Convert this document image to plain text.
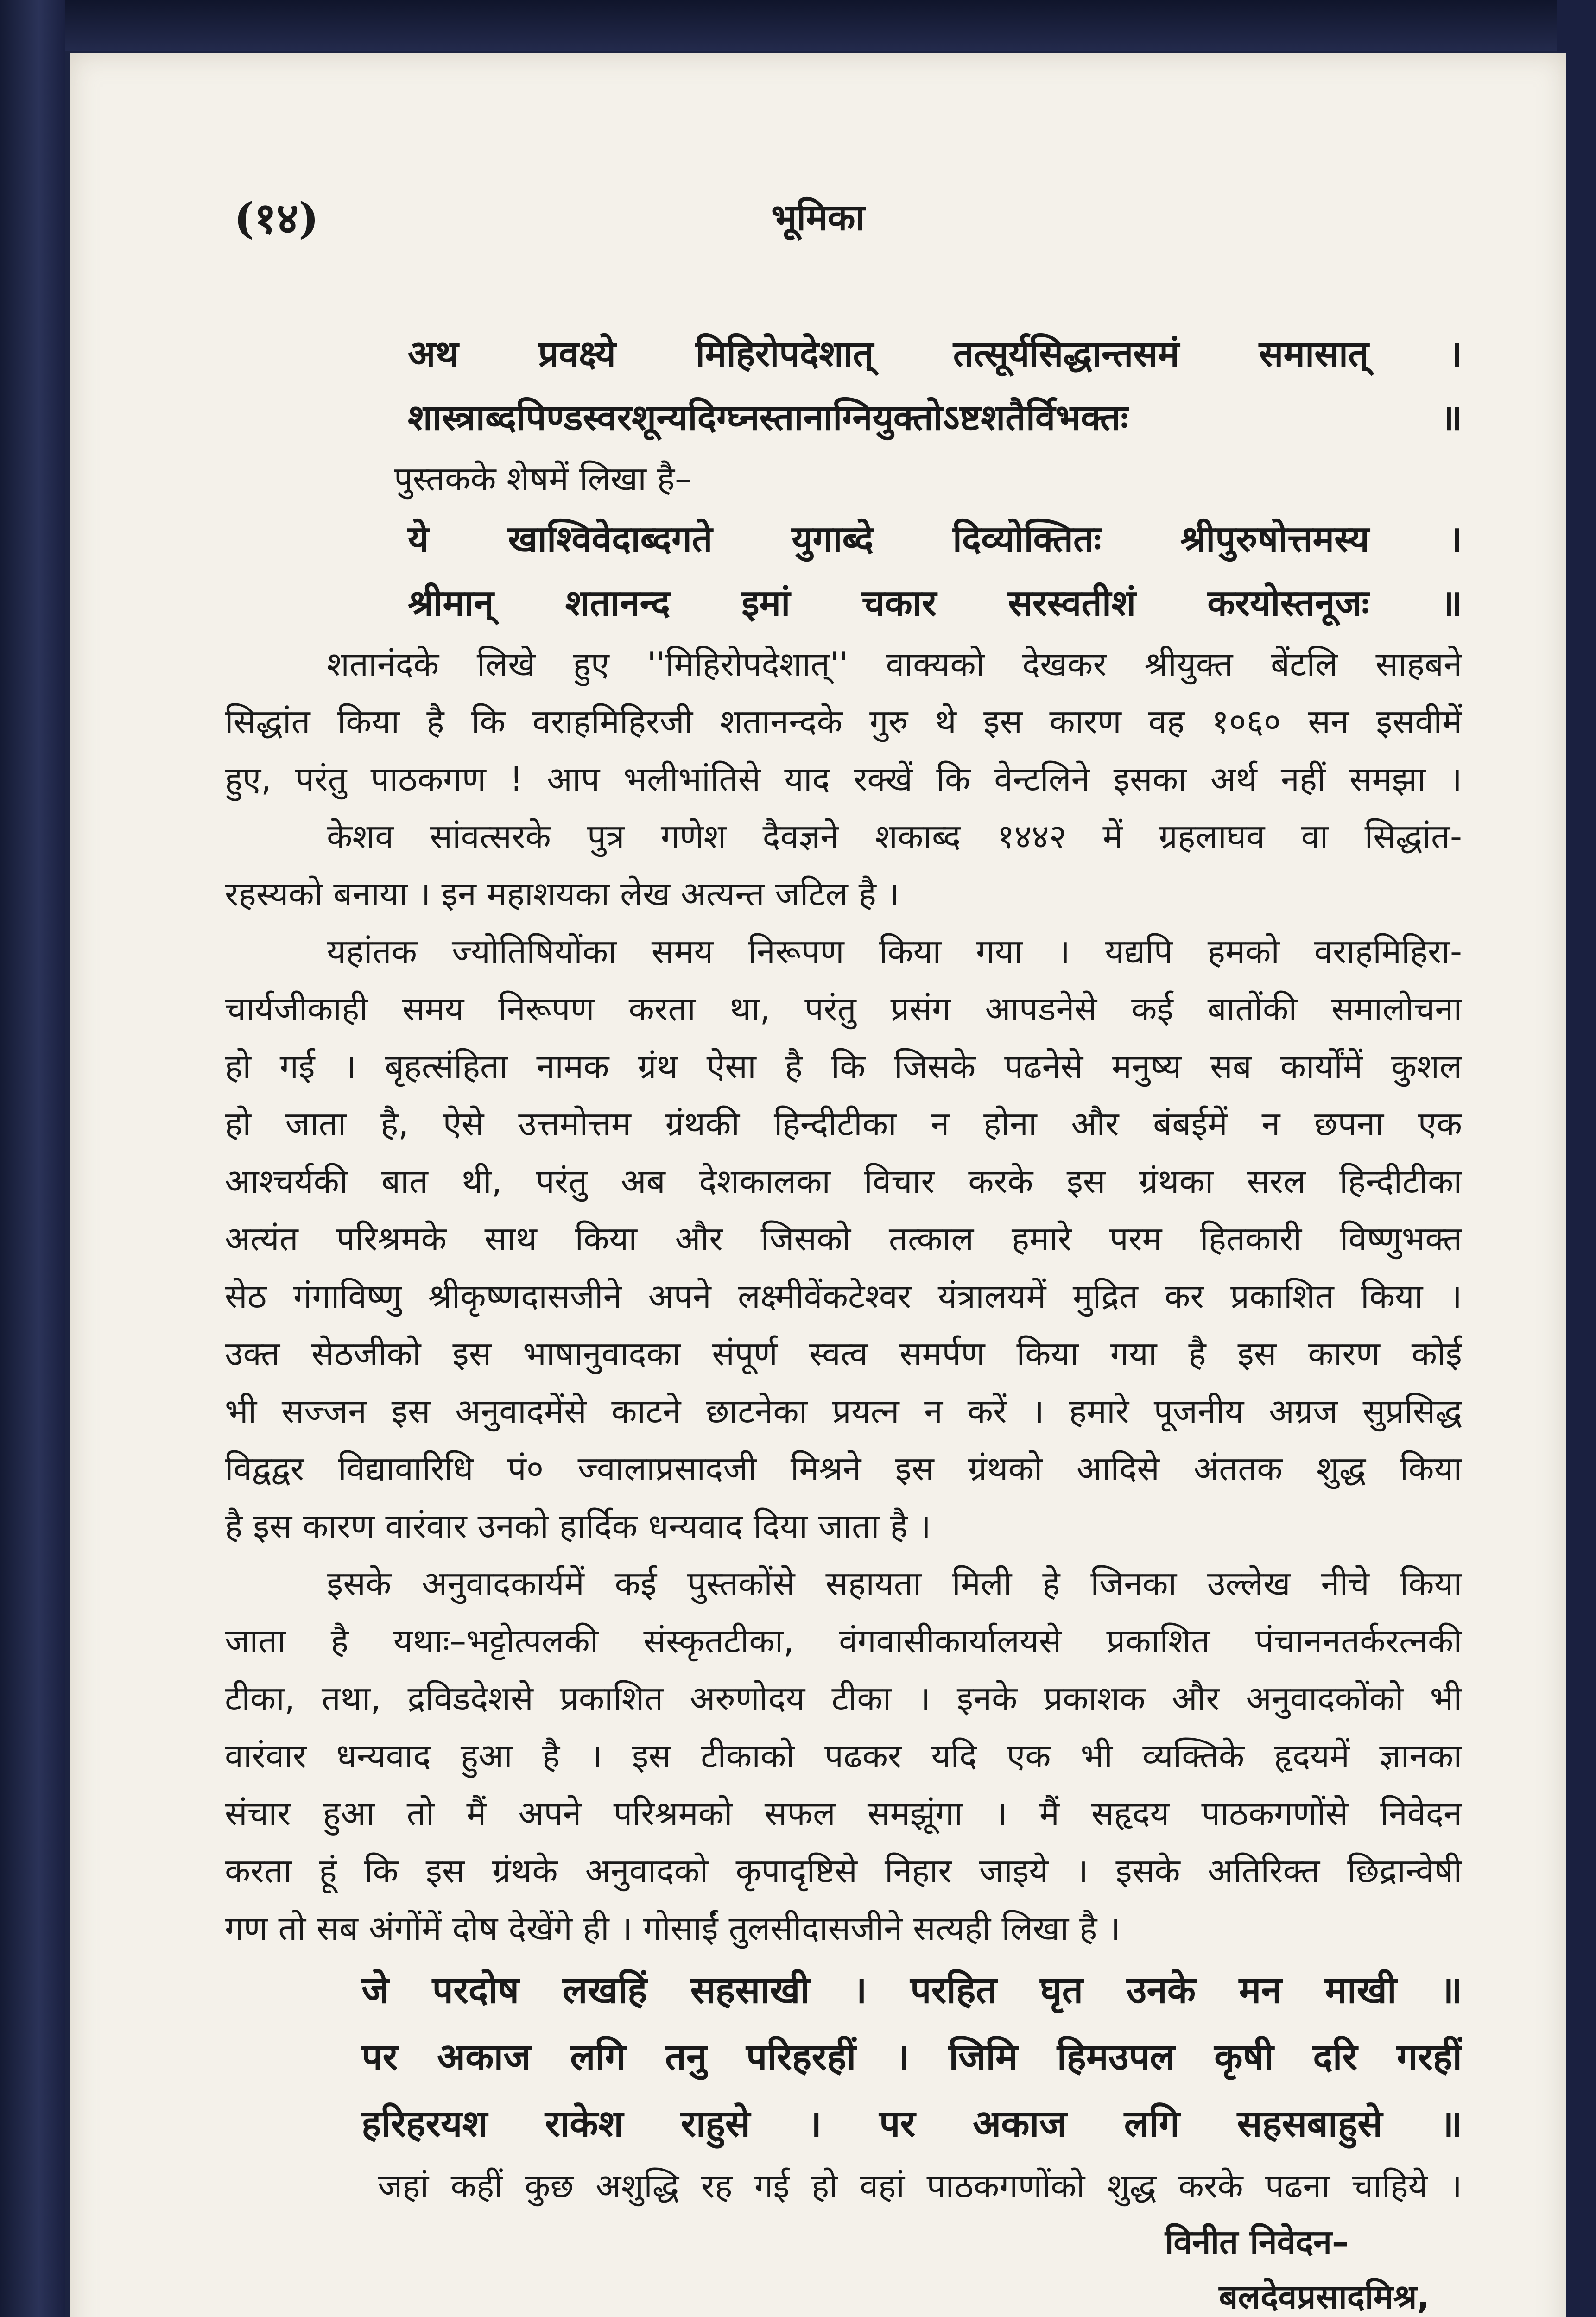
(१४)	भूमिका
अथ प्रवक्ष्ये मिहिरोपदेशात् तत्सूर्यसिद्धान्तसमं समासात् ।
शास्त्राब्दपिण्डस्वरशून्यदिग्घ्नस्तानाग्नियुक्तोऽष्टशतैर्विभक्तः ॥
पुस्तकके शेषमें लिखा है–
ये खाश्विवेदाब्दगते युगाब्दे दिव्योक्तितः श्रीपुरुषोत्तमस्य ।
श्रीमान् शतानन्द इमां चकार सरस्वतीशं करयोस्तनूजः ॥
शतानंदके लिखे हुए ''मिहिरोपदेशात्'' वाक्यको देखकर श्रीयुक्त बेंटलि साहबने
सिद्धांत किया है कि वराहमिहिरजी शतानन्दके गुरु थे इस कारण वह १०६० सन इसवीमें
हुए, परंतु पाठकगण ! आप भलीभांतिसे याद रक्खें कि वेन्टलिने इसका अर्थ नहीं समझा ।
केशव सांवत्सरके पुत्र गणेश दैवज्ञने शकाब्द १४४२ में ग्रहलाघव वा सिद्धांत-
रहस्यको बनाया । इन महाशयका लेख अत्यन्त जटिल है ।
यहांतक ज्योतिषियोंका समय निरूपण किया गया । यद्यपि हमको वराहमिहिरा-
चार्यजीकाही समय निरूपण करता था, परंतु प्रसंग आपडनेसे कई बातोंकी समालोचना
हो गई । बृहत्संहिता नामक ग्रंथ ऐसा है कि जिसके पढनेसे मनुष्य सब कार्योंमें कुशल
हो जाता है, ऐसे उत्तमोत्तम ग्रंथकी हिन्दीटीका न होना और बंबईमें न छपना एक
आश्चर्यकी बात थी, परंतु अब देशकालका विचार करके इस ग्रंथका सरल हिन्दीटीका
अत्यंत परिश्रमके साथ किया और जिसको तत्काल हमारे परम हितकारी विष्णुभक्त
सेठ गंगाविष्णु श्रीकृष्णदासजीने अपने लक्ष्मीवेंकटेश्वर यंत्रालयमें मुद्रित कर प्रकाशित किया ।
उक्त सेठजीको इस भाषानुवादका संपूर्ण स्वत्व समर्पण किया गया है इस कारण कोई
भी सज्जन इस अनुवादमेंसे काटने छाटनेका प्रयत्न न करें । हमारे पूजनीय अग्रज सुप्रसिद्ध
विद्वद्वर विद्यावारिधि पं० ज्वालाप्रसादजी मिश्रने इस ग्रंथको आदिसे अंततक शुद्ध किया
है इस कारण वारंवार उनको हार्दिक धन्यवाद दिया जाता है ।
इसके अनुवादकार्यमें कई पुस्तकोंसे सहायता मिली हे जिनका उल्लेख नीचे किया
जाता है यथाः–भट्टोत्पलकी संस्कृतटीका, वंगवासीकार्यालयसे प्रकाशित पंचाननतर्करत्नकी
टीका, तथा, द्रविडदेशसे प्रकाशित अरुणोदय टीका । इनके प्रकाशक और अनुवादकोंको भी
वारंवार धन्यवाद हुआ है । इस टीकाको पढकर यदि एक भी व्यक्तिके हृदयमें ज्ञानका
संचार हुआ तो मैं अपने परिश्रमको सफल समझूंगा । मैं सहृदय पाठकगणोंसे निवेदन
करता हूं कि इस ग्रंथके अनुवादको कृपादृष्टिसे निहार जाइये । इसके अतिरिक्त छिद्रान्वेषी
गण तो सब अंगोंमें दोष देखेंगे ही । गोसाईं तुलसीदासजीने सत्यही लिखा है ।
जे परदोष लखहिं सहसाखी । परहित घृत उनके मन माखी ॥
पर अकाज लगि तनु परिहरहीं । जिमि हिमउपल कृषी दरि गरहीं
हरिहरयश राकेश राहुसे । पर अकाज लगि सहसबाहुसे ॥
जहां कहीं कुछ अशुद्धि रह गई हो वहां पाठकगणोंको शुद्ध करके पढना चाहिये ।
विनीत निवेदन–
बलदेवप्रसादमिश्र,
